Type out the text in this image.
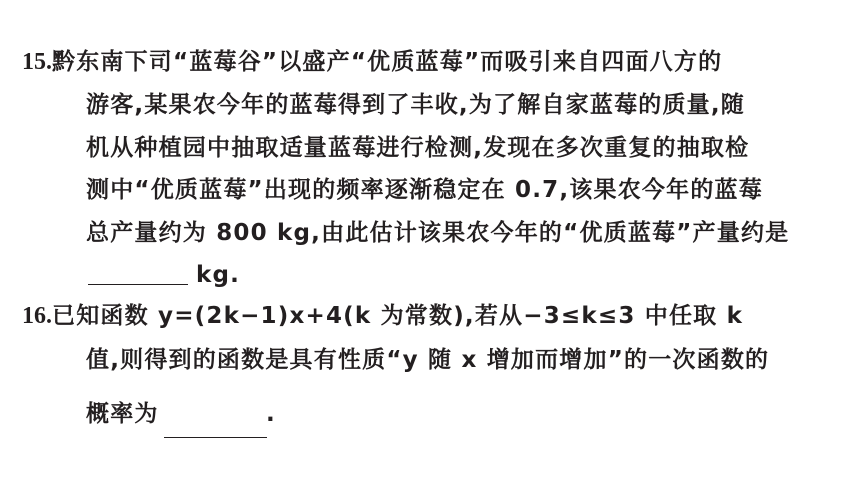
15.黔东南下司“蓝莓谷”以盛产“优质蓝莓”而吸引来自四面八方的
游客,某果农今年的蓝莓得到了丰收,为了解自家蓝莓的质量,随
机从种植园中抽取适量蓝莓进行检测,发现在多次重复的抽取检
测中“优质蓝莓”出现的频率逐渐稳定在 0.7,该果农今年的蓝莓
总产量约为 800 kg,由此估计该果农今年的“优质蓝莓”产量约是
kg.
16.已知函数 y=(2k−1)x+4(k 为常数),若从−3≤k≤3 中任取 k
值,则得到的函数是具有性质“y 随 x 增加而增加”的一次函数的
概率为	.
